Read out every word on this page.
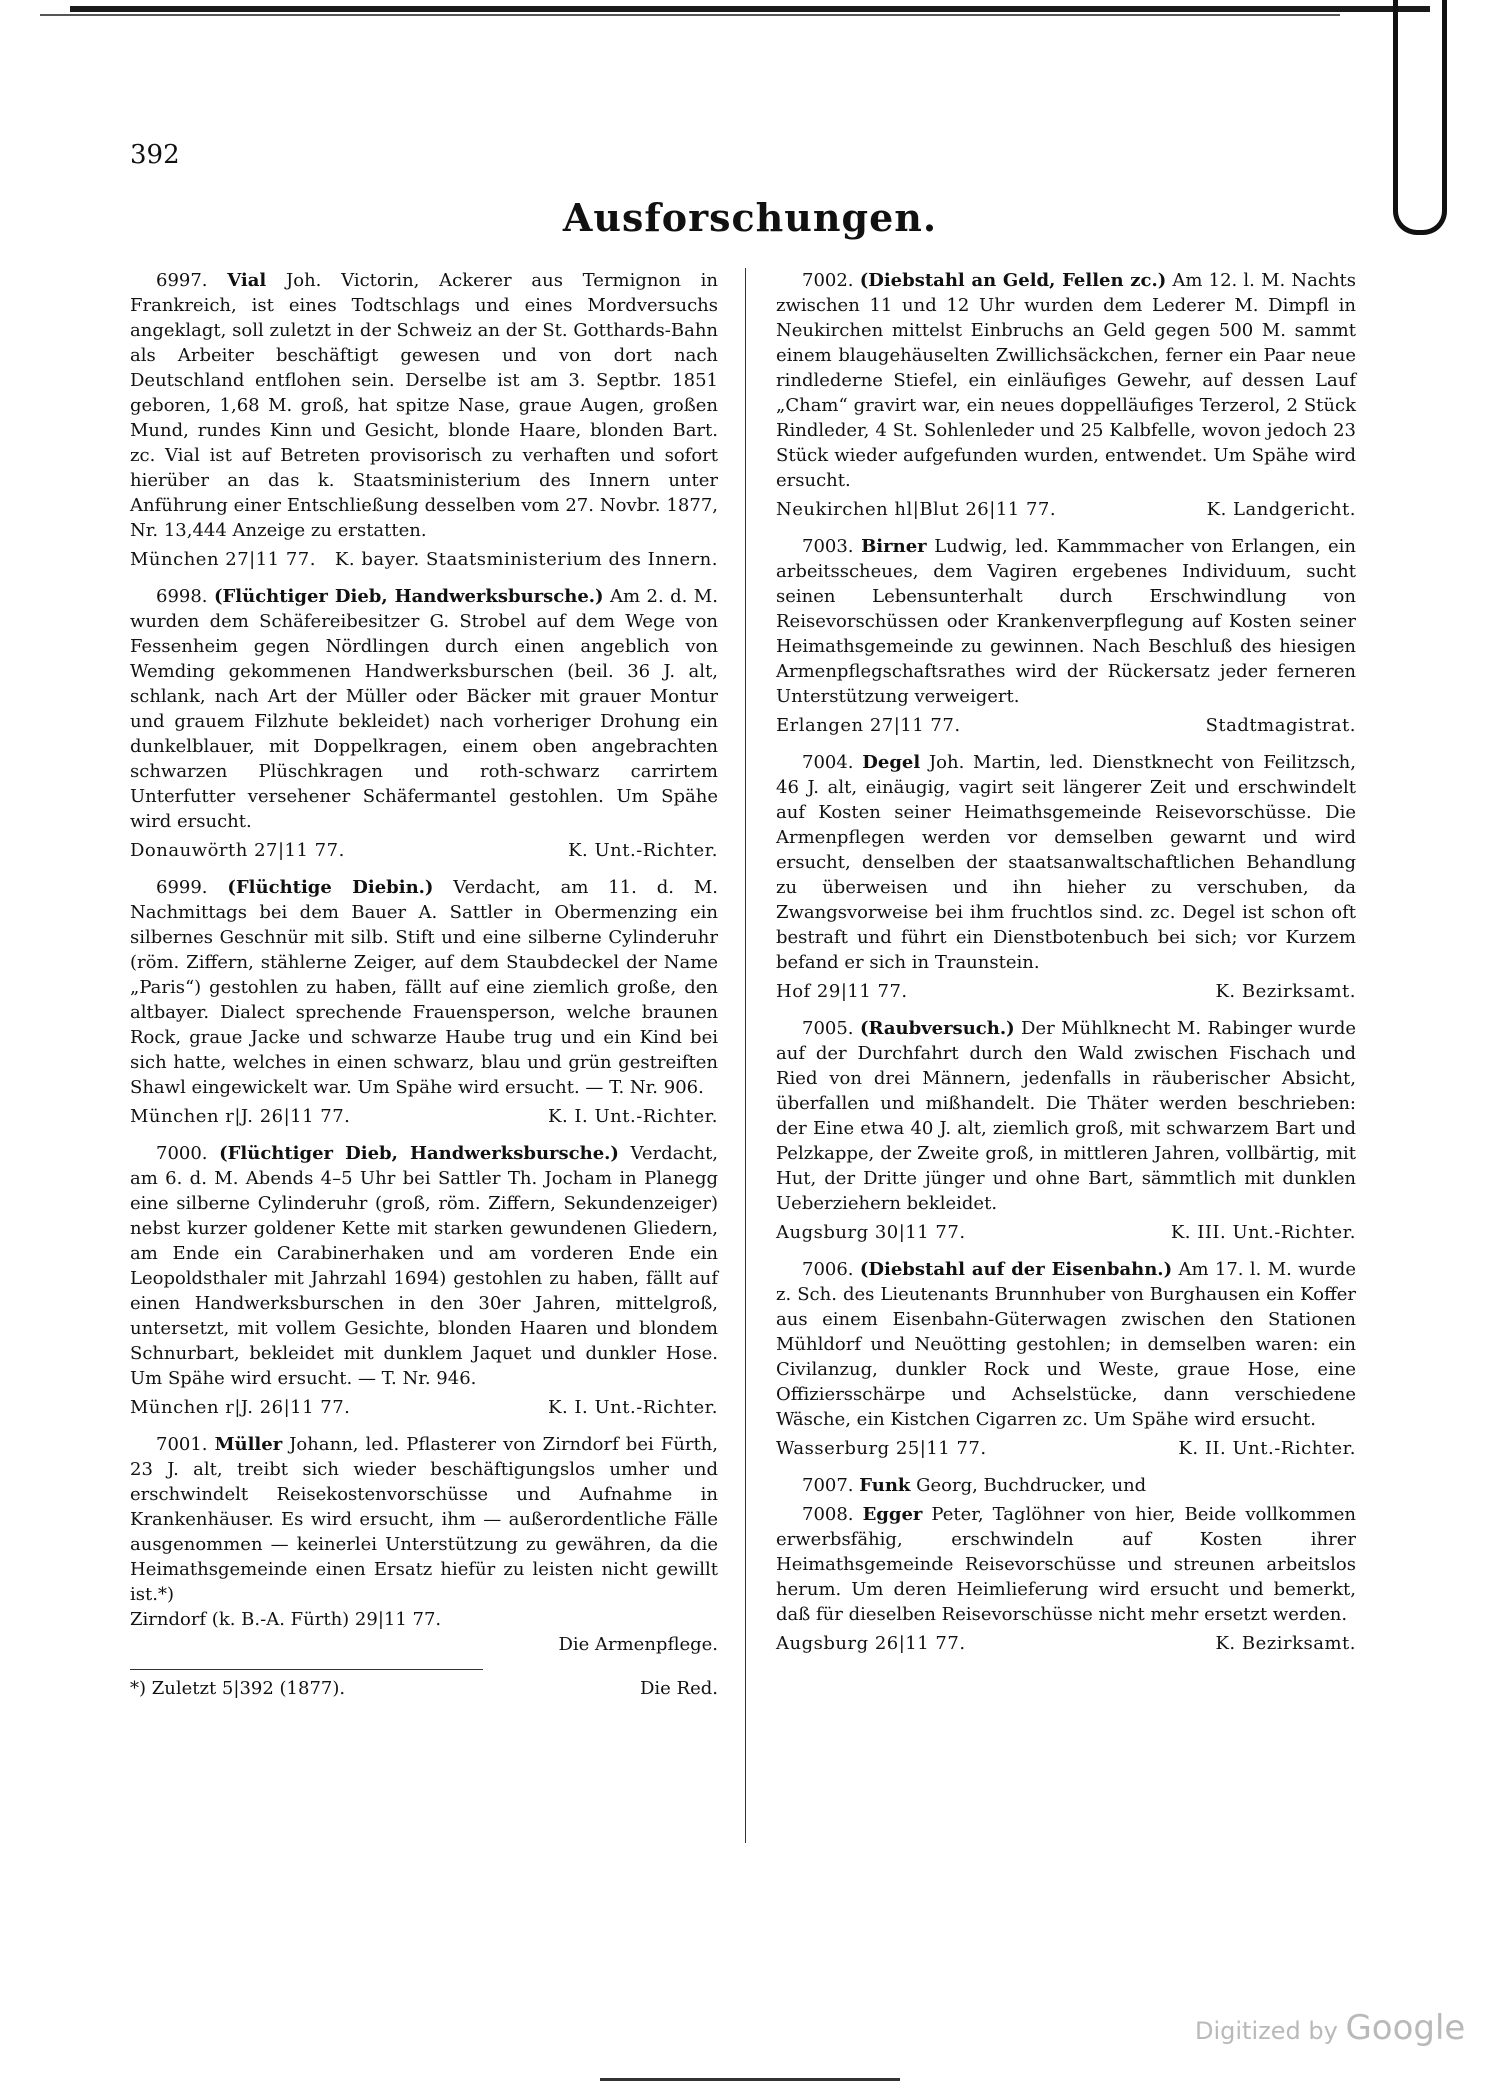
392
Ausforschungen.
6997. Vial Joh. Victorin, Ackerer aus Termignon in Frankreich, ist eines Todtschlags und eines Mordversuchs angeklagt, soll zuletzt in der Schweiz an der St. Gotthards-Bahn als Arbeiter beschäftigt gewesen und von dort nach Deutschland entflohen sein. Derselbe ist am 3. Septbr. 1851 geboren, 1,68 M. groß, hat spitze Nase, graue Augen, großen Mund, rundes Kinn und Gesicht, blonde Haare, blonden Bart. zc. Vial ist auf Betreten provisorisch zu verhaften und sofort hierüber an das k. Staatsministerium des Innern unter Anführung einer Entschließung desselben vom 27. Novbr. 1877, Nr. 13,444 Anzeige zu erstatten.
München 27|11 77. K. bayer. Staatsministerium des Innern.
6998. (Flüchtiger Dieb, Handwerksbursche.) Am 2. d. M. wurden dem Schäfereibesitzer G. Strobel auf dem Wege von Fessenheim gegen Nördlingen durch einen angeblich von Wemding gekommenen Handwerksburschen (beil. 36 J. alt, schlank, nach Art der Müller oder Bäcker mit grauer Montur und grauem Filzhute bekleidet) nach vorheriger Drohung ein dunkelblauer, mit Doppelkragen, einem oben angebrachten schwarzen Plüschkragen und roth-schwarz carrirtem Unterfutter versehener Schäfermantel gestohlen. Um Spähe wird ersucht.
Donauwörth 27|11 77.	K. Unt.-Richter.
6999. (Flüchtige Diebin.) Verdacht, am 11. d. M. Nachmittags bei dem Bauer A. Sattler in Obermenzing ein silbernes Geschnür mit silb. Stift und eine silberne Cylinderuhr (röm. Ziffern, stählerne Zeiger, auf dem Staubdeckel der Name „Paris“) gestohlen zu haben, fällt auf eine ziemlich große, den altbayer. Dialect sprechende Frauensperson, welche braunen Rock, graue Jacke und schwarze Haube trug und ein Kind bei sich hatte, welches in einen schwarz, blau und grün gestreiften Shawl eingewickelt war. Um Spähe wird ersucht. — T. Nr. 906.
München r|J. 26|11 77.	K. I. Unt.-Richter.
7000. (Flüchtiger Dieb, Handwerksbursche.) Verdacht, am 6. d. M. Abends 4–5 Uhr bei Sattler Th. Jocham in Planegg eine silberne Cylinderuhr (groß, röm. Ziffern, Sekundenzeiger) nebst kurzer goldener Kette mit starken gewundenen Gliedern, am Ende ein Carabinerhaken und am vorderen Ende ein Leopoldsthaler mit Jahrzahl 1694) gestohlen zu haben, fällt auf einen Handwerksburschen in den 30er Jahren, mittelgroß, untersetzt, mit vollem Gesichte, blonden Haaren und blondem Schnurbart, bekleidet mit dunklem Jaquet und dunkler Hose. Um Spähe wird ersucht. — T. Nr. 946.
München r|J. 26|11 77.	K. I. Unt.-Richter.
7001. Müller Johann, led. Pflasterer von Zirndorf bei Fürth, 23 J. alt, treibt sich wieder beschäftigungslos umher und erschwindelt Reisekostenvorschüsse und Aufnahme in Krankenhäuser. Es wird ersucht, ihm — außerordentliche Fälle ausgenommen — keinerlei Unterstützung zu gewähren, da die Heimathsgemeinde einen Ersatz hiefür zu leisten nicht gewillt ist.*)
Zirndorf (k. B.-A. Fürth) 29|11 77.
Die Armenpflege.
*) Zuletzt 5|392 (1877).	Die Red.
7002. (Diebstahl an Geld, Fellen zc.) Am 12. l. M. Nachts zwischen 11 und 12 Uhr wurden dem Lederer M. Dimpfl in Neukirchen mittelst Einbruchs an Geld gegen 500 M. sammt einem blaugehäuselten Zwillichsäckchen, ferner ein Paar neue rindlederne Stiefel, ein einläufiges Gewehr, auf dessen Lauf „Cham“ gravirt war, ein neues doppelläufiges Terzerol, 2 Stück Rindleder, 4 St. Sohlenleder und 25 Kalbfelle, wovon jedoch 23 Stück wieder aufgefunden wurden, entwendet. Um Spähe wird ersucht.
Neukirchen hl|Blut 26|11 77.	K. Landgericht.
7003. Birner Ludwig, led. Kammmacher von Erlangen, ein arbeitsscheues, dem Vagiren ergebenes Individuum, sucht seinen Lebensunterhalt durch Erschwindlung von Reisevorschüssen oder Krankenverpflegung auf Kosten seiner Heimathsgemeinde zu gewinnen. Nach Beschluß des hiesigen Armenpflegschaftsrathes wird der Rückersatz jeder ferneren Unterstützung verweigert.
Erlangen 27|11 77.	Stadtmagistrat.
7004. Degel Joh. Martin, led. Dienstknecht von Feilitzsch, 46 J. alt, einäugig, vagirt seit längerer Zeit und erschwindelt auf Kosten seiner Heimathsgemeinde Reisevorschüsse. Die Armenpflegen werden vor demselben gewarnt und wird ersucht, denselben der staatsanwaltschaftlichen Behandlung zu überweisen und ihn hieher zu verschuben, da Zwangsvorweise bei ihm fruchtlos sind. zc. Degel ist schon oft bestraft und führt ein Dienstbotenbuch bei sich; vor Kurzem befand er sich in Traunstein.
Hof 29|11 77.	K. Bezirksamt.
7005. (Raubversuch.) Der Mühlknecht M. Rabinger wurde auf der Durchfahrt durch den Wald zwischen Fischach und Ried von drei Männern, jedenfalls in räuberischer Absicht, überfallen und mißhandelt. Die Thäter werden beschrieben: der Eine etwa 40 J. alt, ziemlich groß, mit schwarzem Bart und Pelzkappe, der Zweite groß, in mittleren Jahren, vollbärtig, mit Hut, der Dritte jünger und ohne Bart, sämmtlich mit dunklen Ueberziehern bekleidet.
Augsburg 30|11 77.	K. III. Unt.-Richter.
7006. (Diebstahl auf der Eisenbahn.) Am 17. l. M. wurde z. Sch. des Lieutenants Brunnhuber von Burghausen ein Koffer aus einem Eisenbahn-Güterwagen zwischen den Stationen Mühldorf und Neuötting gestohlen; in demselben waren: ein Civilanzug, dunkler Rock und Weste, graue Hose, eine Offiziersschärpe und Achselstücke, dann verschiedene Wäsche, ein Kistchen Cigarren zc. Um Spähe wird ersucht.
Wasserburg 25|11 77.	K. II. Unt.-Richter.
7007. Funk Georg, Buchdrucker, und
7008. Egger Peter, Taglöhner von hier, Beide vollkommen erwerbsfähig, erschwindeln auf Kosten ihrer Heimathsgemeinde Reisevorschüsse und streunen arbeitslos herum. Um deren Heimlieferung wird ersucht und bemerkt, daß für dieselben Reisevorschüsse nicht mehr ersetzt werden.
Augsburg 26|11 77.	K. Bezirksamt.
Digitized by Google
